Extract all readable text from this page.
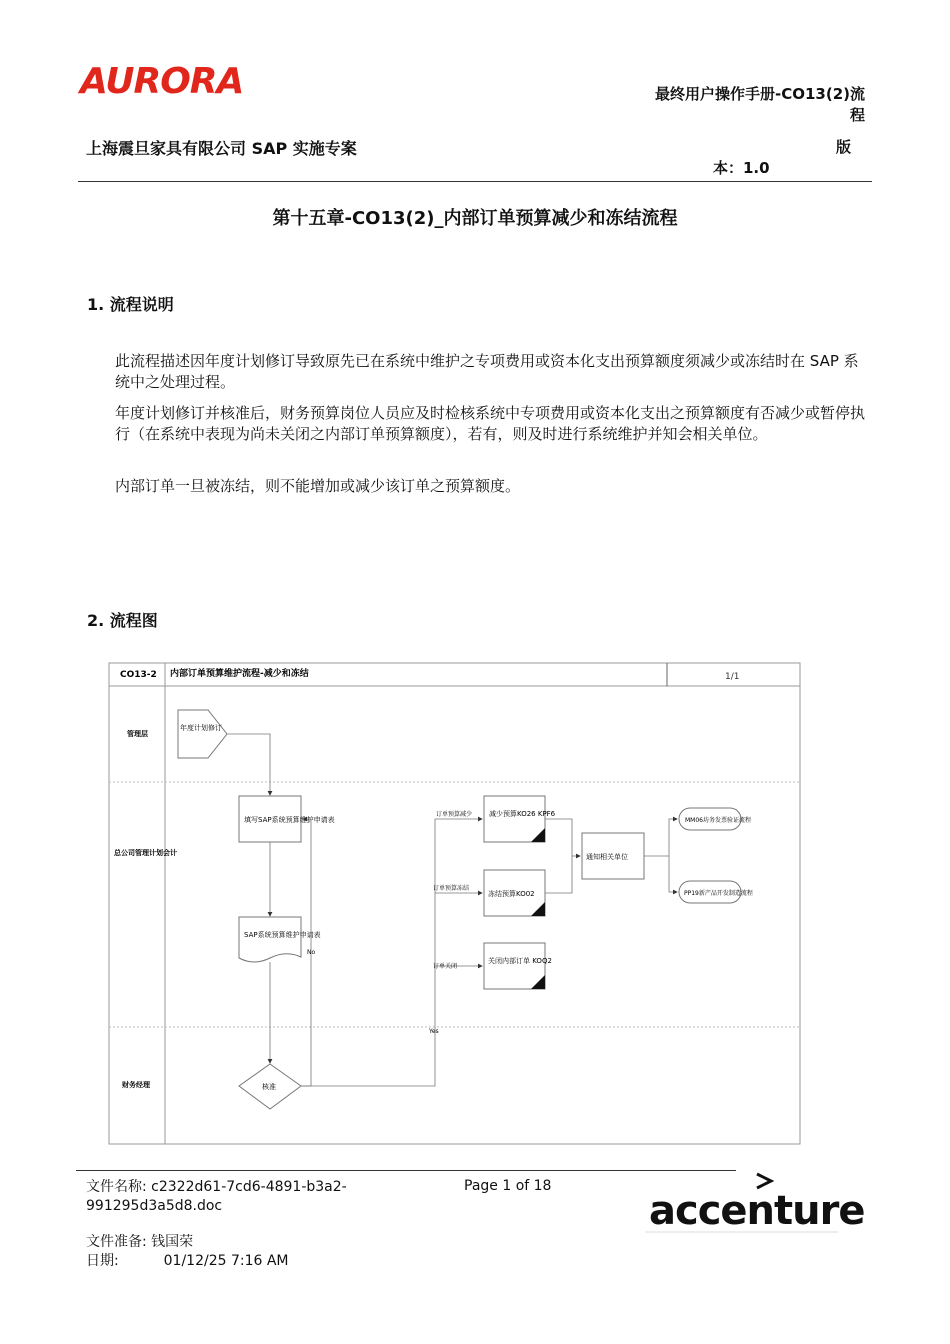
AURORA	最终用户操作手册-CO13(2)流
程
上海震旦家具有限公司 SAP 实施专案	版
本：1.0
第十五章-CO13(2)_内部订单预算减少和冻结流程
1. 流程说明
此流程描述因年度计划修订导致原先已在系统中维护之专项费用或资本化支出预算额度须减少或冻结时在 SAP 系统中之处理过程。
年度计划修订并核准后，财务预算岗位人员应及时检核系统中专项费用或资本化支出之预算额度有否减少或暂停执行（在系统中表现为尚未关闭之内部订单预算额度），若有，则及时进行系统维护并知会相关单位。
内部订单一旦被冻结，则不能增加或减少该订单之预算额度。
2. 流程图
CO13-2 内部订单预算维护流程-减少和冻结	1/1
管理层
总公司管理计划会计
财务经理
年度计划修订
填写SAP系统预算维护申请表
SAP系统预算维护申请表
核准
减少预算KO26 KPF6
冻结预算KO02
关闭内部订单 KOQ2
通知相关单位
MM06坊务发票验证流程
PP19新产品开发制造流程
订单预算减少
订单预算冻结
订单关闭
No
Yes
文件名称: c2322d61-7cd6-4891-b3a2-
991295d3a5d8.doc
Page 1 of 18
文件准备: 钱国荣
日期:	01/12/25 7:16 AM
accenture
